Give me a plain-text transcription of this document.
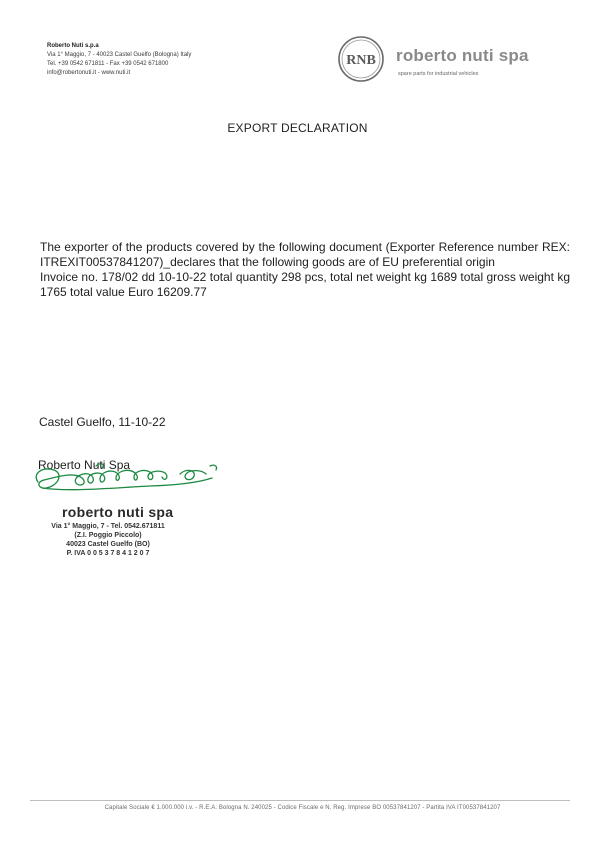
Roberto Nuti s.p.a
Via 1° Maggio, 7 - 40023 Castel Guelfo (Bologna) Italy
Tel. +39 0542 671811 - Fax +39 0542 671800
info@robertonuti.it - www.nuti.it
RNB roberto nuti spa
spare parts for industrial vehicles
EXPORT DECLARATION

The exporter of the products covered by the following document (Exporter Reference number REX: ITREXIT00537841207)_declares that the following goods are of EU preferential origin

Invoice no. 178/02 dd 10-10-22 total quantity 298 pcs, total net weight kg 1689 total gross weight kg 1765 total value Euro 16209.77

Castel Guelfo, 11-10-22
Roberto Nuti Spa
roberto nuti spa
Via 1° Maggio, 7 - Tel. 0542.671811
(Z.I. Poggio Piccolo)
40023 Castel Guelfo (BO)
P. IVA 0 0 5 3 7 8 4 1 2 0 7
Capitale Sociale € 1.000.000 i.v. - R.E.A. Bologna N. 240025 - Codice Fiscale e N. Reg. Imprese BO 00537841207 - Partita IVA IT00537841207
